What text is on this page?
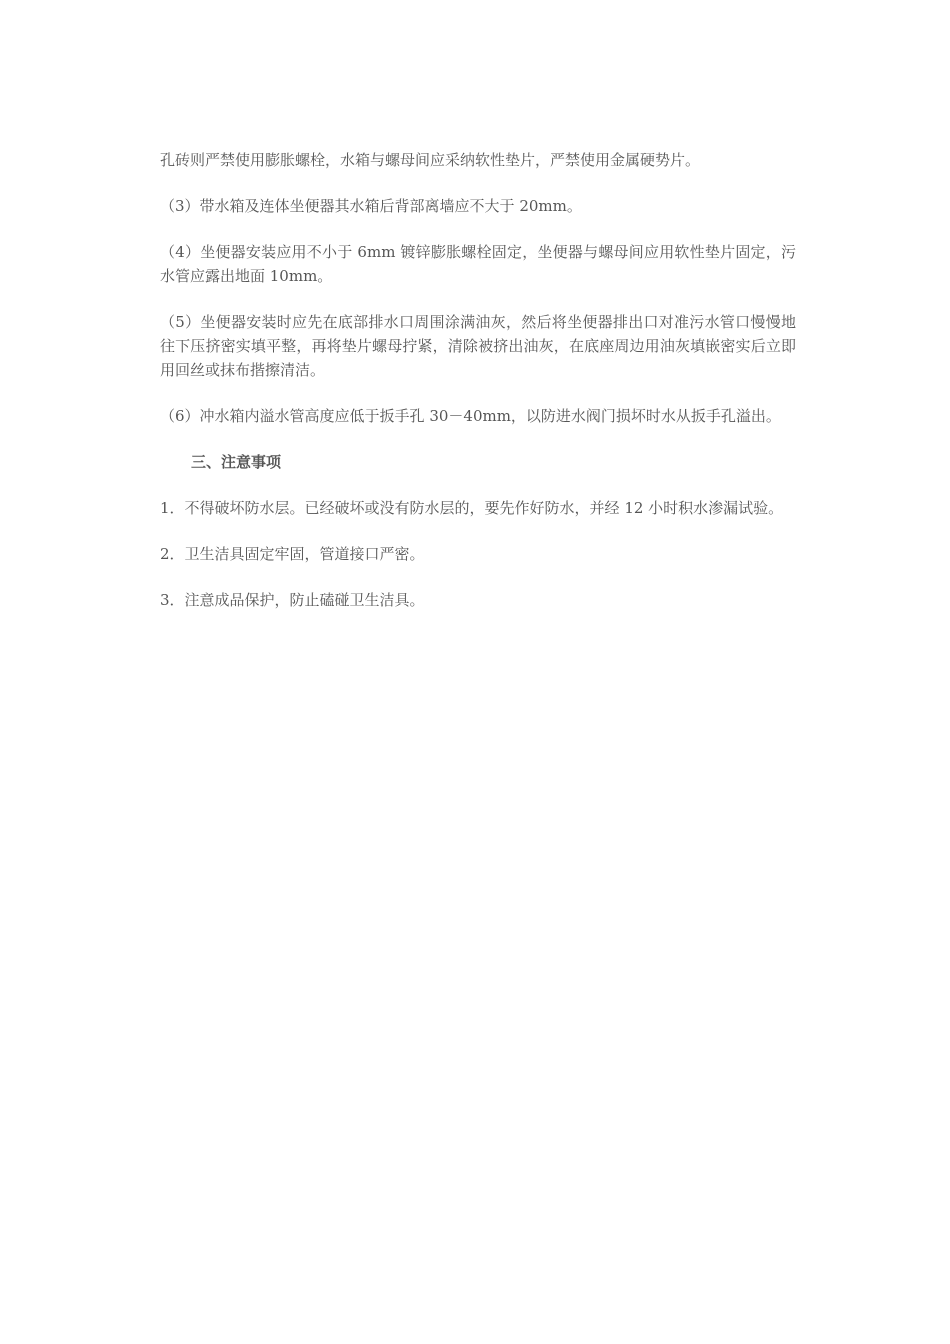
孔砖则严禁使用膨胀螺栓，水箱与螺母间应采纳软性垫片，严禁使用金属硬势片。

（3）带水箱及连体坐便器其水箱后背部离墙应不大于 20mm。

（4）坐便器安装应用不小于 6mm 镀锌膨胀螺栓固定，坐便器与螺母间应用软性垫片固定，污水管应露出地面 10mm。

（5）坐便器安装时应先在底部排水口周围涂满油灰，然后将坐便器排出口对准污水管口慢慢地往下压挤密实填平整，再将垫片螺母拧紧，清除被挤出油灰，在底座周边用油灰填嵌密实后立即用回丝或抹布揩擦清洁。

（6）冲水箱内溢水管高度应低于扳手孔 30－40mm，以防进水阀门损坏时水从扳手孔溢出。

三、注意事项

1．不得破坏防水层。已经破坏或没有防水层的，要先作好防水，并经 12 小时积水渗漏试验。

2．卫生洁具固定牢固，管道接口严密。

3．注意成品保护，防止磕碰卫生洁具。
